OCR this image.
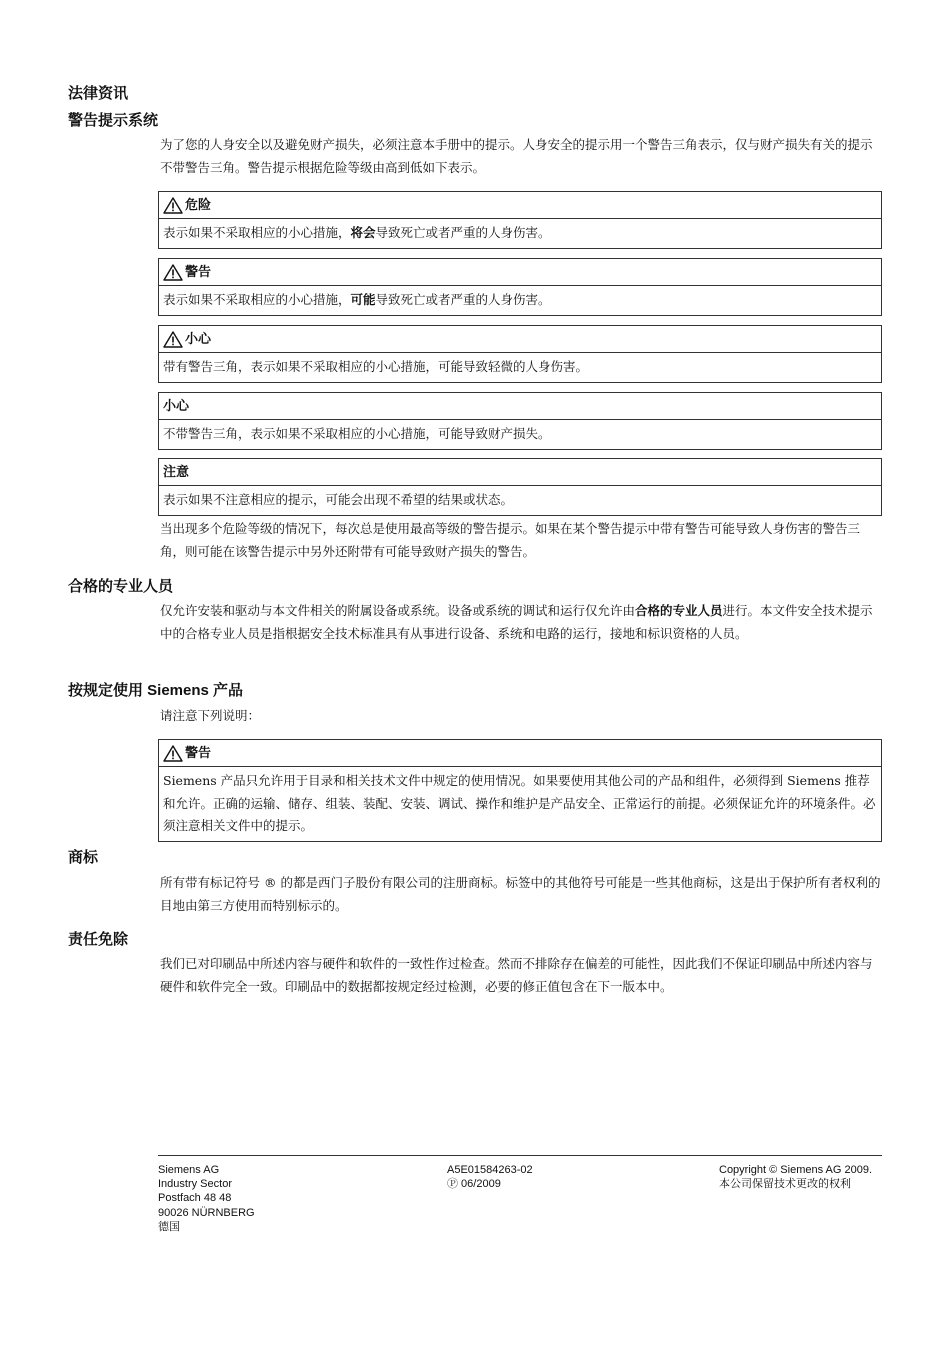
法律资讯
警告提示系统
为了您的人身安全以及避免财产损失，必须注意本手册中的提示。人身安全的提示用一个警告三角表示，仅与财产损失有关的提示不带警告三角。警告提示根据危险等级由高到低如下表示。
危险
表示如果不采取相应的小心措施，将会导致死亡或者严重的人身伤害。
警告
表示如果不采取相应的小心措施，可能导致死亡或者严重的人身伤害。
小心
带有警告三角，表示如果不采取相应的小心措施，可能导致轻微的人身伤害。
小心
不带警告三角，表示如果不采取相应的小心措施，可能导致财产损失。
注意
表示如果不注意相应的提示，可能会出现不希望的结果或状态。
当出现多个危险等级的情况下，每次总是使用最高等级的警告提示。如果在某个警告提示中带有警告可能导致人身伤害的警告三角，则可能在该警告提示中另外还附带有可能导致财产损失的警告。
合格的专业人员
仅允许安装和驱动与本文件相关的附属设备或系统。设备或系统的调试和运行仅允许由合格的专业人员进行。本文件安全技术提示中的合格专业人员是指根据安全技术标准具有从事进行设备、系统和电路的运行，接地和标识资格的人员。
按规定使用 Siemens 产品
请注意下列说明：
警告
Siemens 产品只允许用于目录和相关技术文件中规定的使用情况。如果要使用其他公司的产品和组件，必须得到 Siemens 推荐和允许。正确的运输、储存、组装、装配、安装、调试、操作和维护是产品安全、正常运行的前提。必须保证允许的环境条件。必须注意相关文件中的提示。
商标
所有带有标记符号 ® 的都是西门子股份有限公司的注册商标。标签中的其他符号可能是一些其他商标，这是出于保护所有者权利的 目地由第三方使用而特别标示的。
责任免除
我们已对印刷品中所述内容与硬件和软件的一致性作过检查。然而不排除存在偏差的可能性，因此我们不保证印刷品中所述内容与硬件和软件完全一致。印刷品中的数据都按规定经过检测，必要的修正值包含在下一版本中。
Siemens AG
Industry Sector
Postfach 48 48
90026 NÜRNBERG
德国
A5E01584263-02
Ⓟ 06/2009
Copyright © Siemens AG 2009.
本公司保留技术更改的权利
